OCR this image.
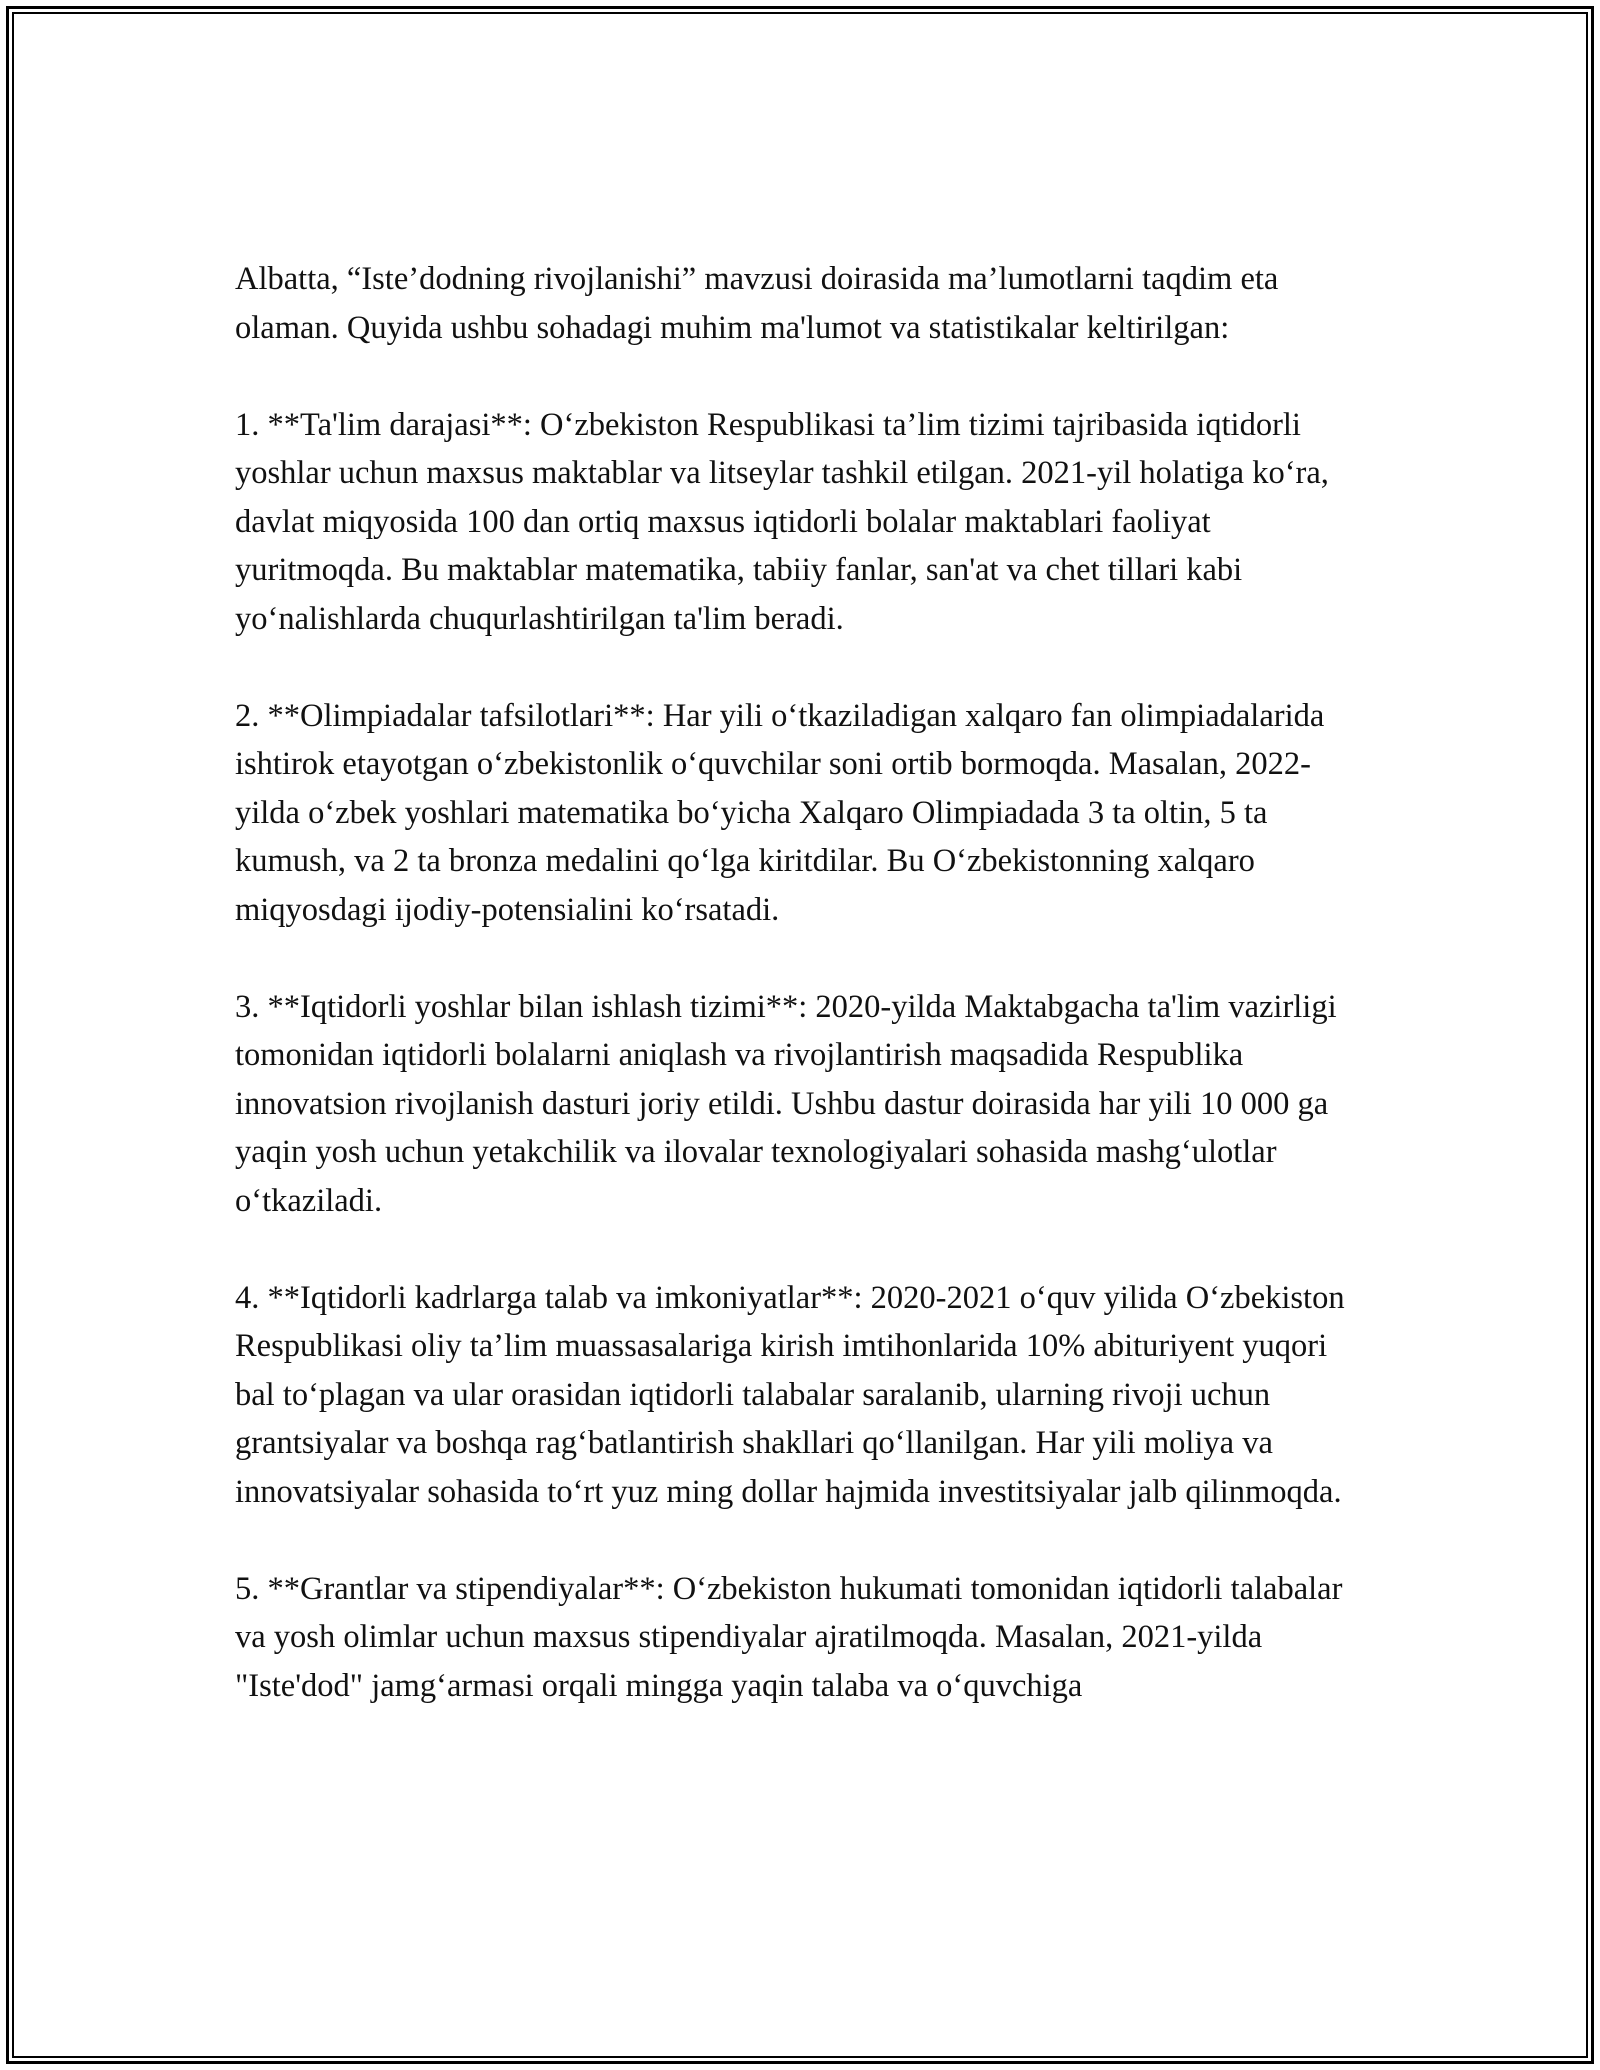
Albatta, “Iste’dodning rivojlanishi” mavzusi doirasida ma’lumotlarni taqdim eta olaman. Quyida ushbu sohadagi muhim ma'lumot va statistikalar keltirilgan:

1. **Ta'lim darajasi**: O‘zbekiston Respublikasi ta’lim tizimi tajribasida iqtidorli yoshlar uchun maxsus maktablar va litseylar tashkil etilgan. 2021-yil holatiga ko‘ra, davlat miqyosida 100 dan ortiq maxsus iqtidorli bolalar maktablari faoliyat yuritmoqda. Bu maktablar matematika, tabiiy fanlar, san'at va chet tillari kabi yo‘nalishlarda chuqurlashtirilgan ta'lim beradi.

2. **Olimpiadalar tafsilotlari**: Har yili o‘tkaziladigan xalqaro fan olimpiadalarida ishtirok etayotgan o‘zbekistonlik o‘quvchilar soni ortib bormoqda. Masalan, 2022-yilda o‘zbek yoshlari matematika bo‘yicha Xalqaro Olimpiadada 3 ta oltin, 5 ta kumush, va 2 ta bronza medalini qo‘lga kiritdilar. Bu O‘zbekistonning xalqaro miqyosdagi ijodiy-potensialini ko‘rsatadi.

3. **Iqtidorli yoshlar bilan ishlash tizimi**: 2020-yilda Maktabgacha ta'lim vazirligi tomonidan iqtidorli bolalarni aniqlash va rivojlantirish maqsadida Respublika innovatsion rivojlanish dasturi joriy etildi. Ushbu dastur doirasida har yili 10 000 ga yaqin yosh uchun yetakchilik va ilovalar texnologiyalari sohasida mashg‘ulotlar o‘tkaziladi.

4. **Iqtidorli kadrlarga talab va imkoniyatlar**: 2020-2021 o‘quv yilida O‘zbekiston Respublikasi oliy ta’lim muassasalariga kirish imtihonlarida 10% abituriyent yuqori bal to‘plagan va ular orasidan iqtidorli talabalar saralanib, ularning rivoji uchun grantsiyalar va boshqa rag‘batlantirish shakllari qo‘llanilgan. Har yili moliya va innovatsiyalar sohasida to‘rt yuz ming dollar hajmida investitsiyalar jalb qilinmoqda.

5. **Grantlar va stipendiyalar**: O‘zbekiston hukumati tomonidan iqtidorli talabalar va yosh olimlar uchun maxsus stipendiyalar ajratilmoqda. Masalan, 2021-yilda "Iste'dod" jamg‘armasi orqali mingga yaqin talaba va o‘quvchiga
